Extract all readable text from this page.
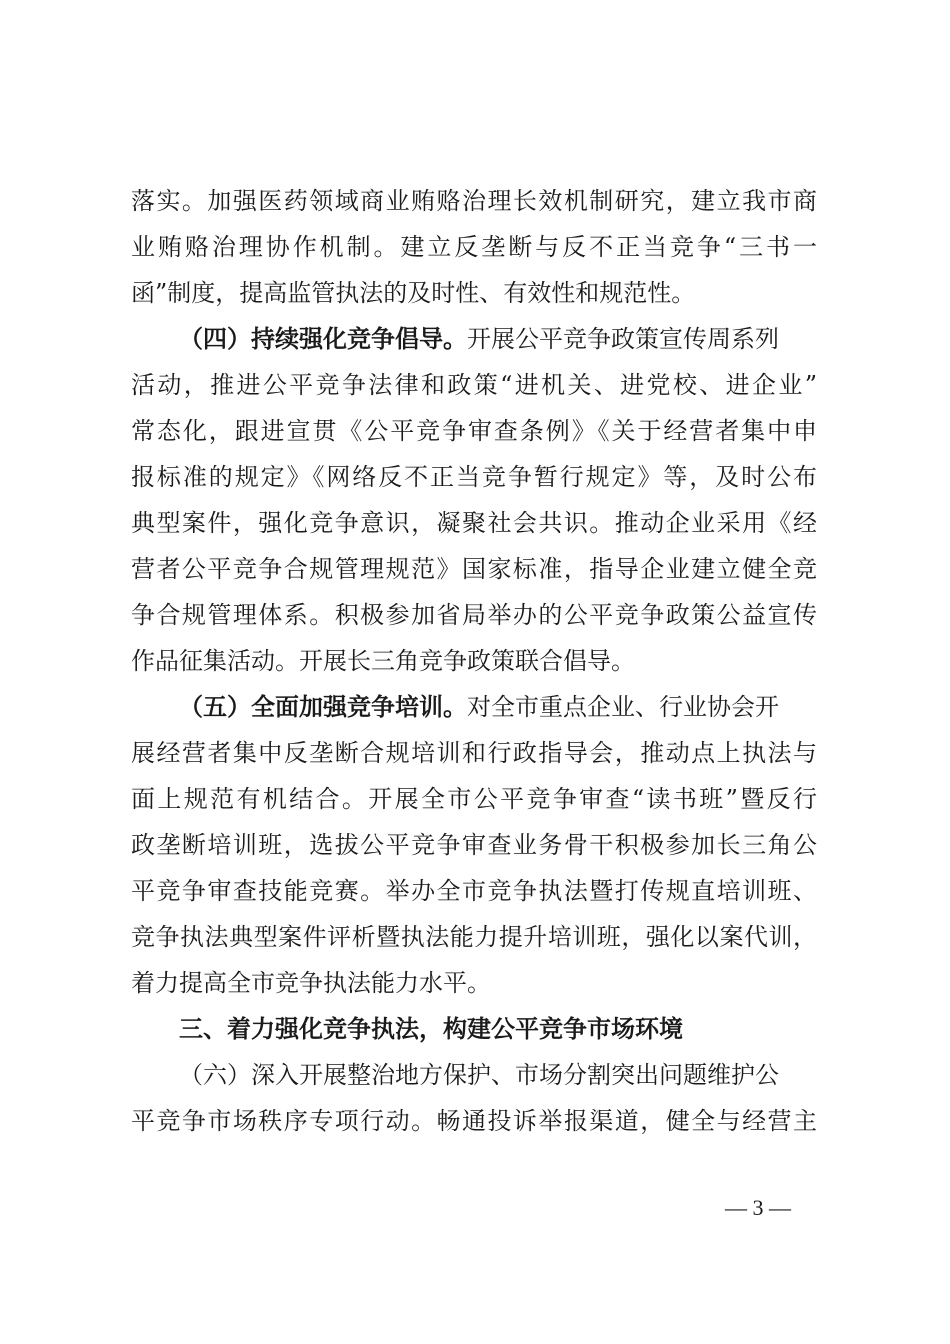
落实。加强医药领域商业贿赂治理长效机制研究，建立我市商
业贿赂治理协作机制。建立反垄断与反不正当竞争“三书一
函”制度，提高监管执法的及时性、有效性和规范性。
（四）持续强化竞争倡导。开展公平竞争政策宣传周系列
活动，推进公平竞争法律和政策“进机关、进党校、进企业”
常态化，跟进宣贯《公平竞争审查条例》《关于经营者集中申
报标准的规定》《网络反不正当竞争暂行规定》等，及时公布
典型案件，强化竞争意识，凝聚社会共识。推动企业采用《经
营者公平竞争合规管理规范》国家标准，指导企业建立健全竞
争合规管理体系。积极参加省局举办的公平竞争政策公益宣传
作品征集活动。开展长三角竞争政策联合倡导。
（五）全面加强竞争培训。对全市重点企业、行业协会开
展经营者集中反垄断合规培训和行政指导会，推动点上执法与
面上规范有机结合。开展全市公平竞争审查“读书班”暨反行
政垄断培训班，选拔公平竞争审查业务骨干积极参加长三角公
平竞争审查技能竞赛。举办全市竞争执法暨打传规直培训班、
竞争执法典型案件评析暨执法能力提升培训班，强化以案代训，
着力提高全市竞争执法能力水平。
三、着力强化竞争执法，构建公平竞争市场环境
（六）深入开展整治地方保护、市场分割突出问题维护公
平竞争市场秩序专项行动。畅通投诉举报渠道，健全与经营主
— 3 —
